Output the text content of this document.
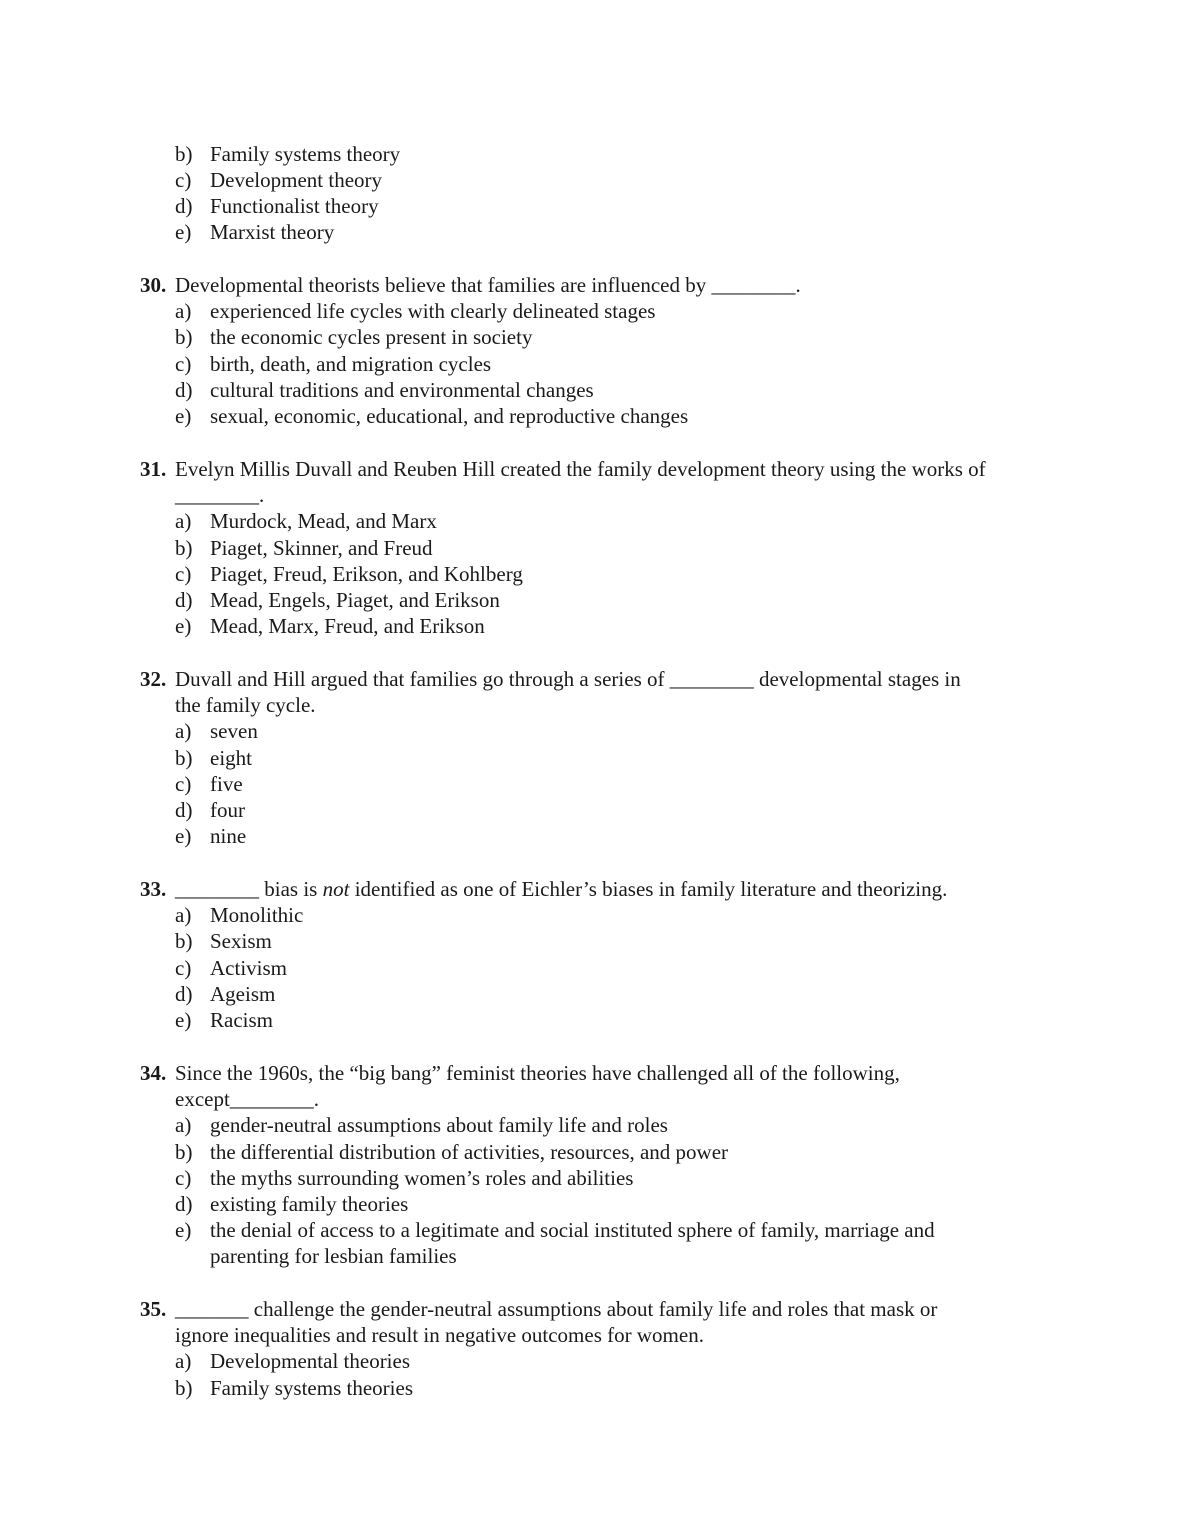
b) Family systems theory
c) Development theory
d) Functionalist theory
e) Marxist theory
30. Developmental theorists believe that families are influenced by ________.
a) experienced life cycles with clearly delineated stages
b) the economic cycles present in society
c) birth, death, and migration cycles
d) cultural traditions and environmental changes
e) sexual, economic, educational, and reproductive changes
31. Evelyn Millis Duvall and Reuben Hill created the family development theory using the works of
________.
a) Murdock, Mead, and Marx
b) Piaget, Skinner, and Freud
c) Piaget, Freud, Erikson, and Kohlberg
d) Mead, Engels, Piaget, and Erikson
e) Mead, Marx, Freud, and Erikson
32. Duvall and Hill argued that families go through a series of ________ developmental stages in
the family cycle.
a) seven
b) eight
c) five
d) four
e) nine
33. ________ bias is not identified as one of Eichler’s biases in family literature and theorizing.
a) Monolithic
b) Sexism
c) Activism
d) Ageism
e) Racism
34. Since the 1960s, the “big bang” feminist theories have challenged all of the following,
except________.
a) gender-neutral assumptions about family life and roles
b) the differential distribution of activities, resources, and power
c) the myths surrounding women’s roles and abilities
d) existing family theories
e) the denial of access to a legitimate and social instituted sphere of family, marriage and
parenting for lesbian families
35. _______ challenge the gender-neutral assumptions about family life and roles that mask or
ignore inequalities and result in negative outcomes for women.
a) Developmental theories
b) Family systems theories
